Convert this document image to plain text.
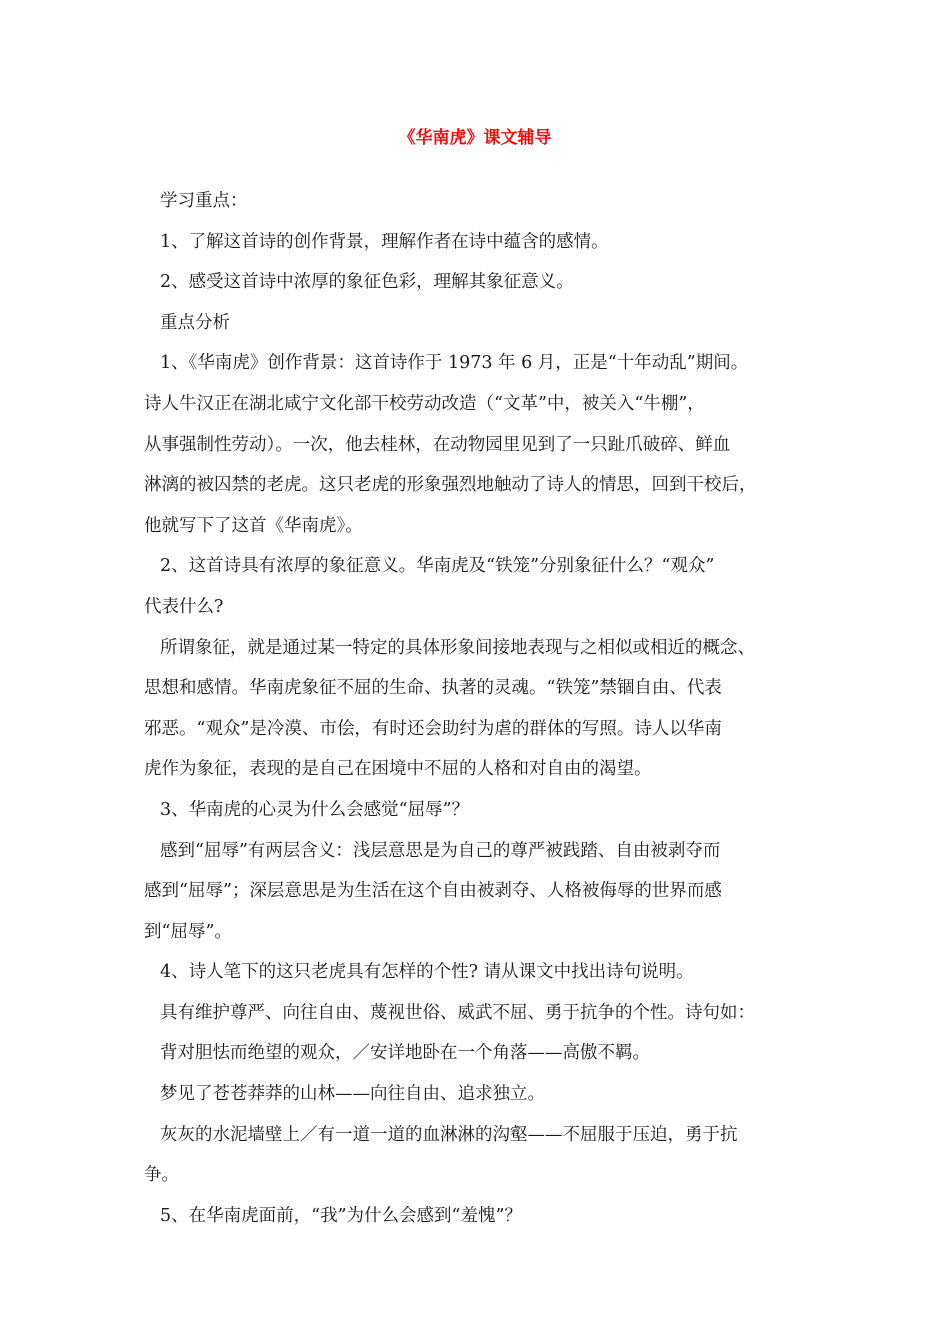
《华南虎》课文辅导
学习重点：
1、了解这首诗的创作背景，理解作者在诗中蕴含的感情。
2、感受这首诗中浓厚的象征色彩，理解其象征意义。
重点分析
1、《华南虎》创作背景：这首诗作于 1973 年 6 月，正是“十年动乱”期间。
诗人牛汉正在湖北咸宁文化部干校劳动改造（“文革”中，被关入“牛棚”，
从事强制性劳动）。一次，他去桂林，在动物园里见到了一只趾爪破碎、鲜血
淋漓的被囚禁的老虎。这只老虎的形象强烈地触动了诗人的情思，回到干校后，
他就写下了这首《华南虎》。
2、这首诗具有浓厚的象征意义。华南虎及“铁笼”分别象征什么？“观众”
代表什么?
所谓象征，就是通过某一特定的具体形象间接地表现与之相似或相近的概念、
思想和感情。华南虎象征不屈的生命、执著的灵魂。“铁笼”禁锢自由、代表
邪恶。“观众”是冷漠、市侩，有时还会助纣为虐的群体的写照。诗人以华南
虎作为象征，表现的是自己在困境中不屈的人格和对自由的渴望。
3、华南虎的心灵为什么会感觉“屈辱”？
感到“屈辱”有两层含义：浅层意思是为自己的尊严被践踏、自由被剥夺而
感到“屈辱”；深层意思是为生活在这个自由被剥夺、人格被侮辱的世界而感
到“屈辱”。
4、诗人笔下的这只老虎具有怎样的个性? 请从课文中找出诗句说明。
具有维护尊严、向往自由、蔑视世俗、威武不屈、勇于抗争的个性。诗句如：
背对胆怯而绝望的观众，／安详地卧在一个角落——高傲不羁。
梦见了苍苍莽莽的山林——向往自由、追求独立。
灰灰的水泥墙壁上／有一道一道的血淋淋的沟壑——不屈服于压迫，勇于抗
争。
5、在华南虎面前，“我”为什么会感到“羞愧”？
